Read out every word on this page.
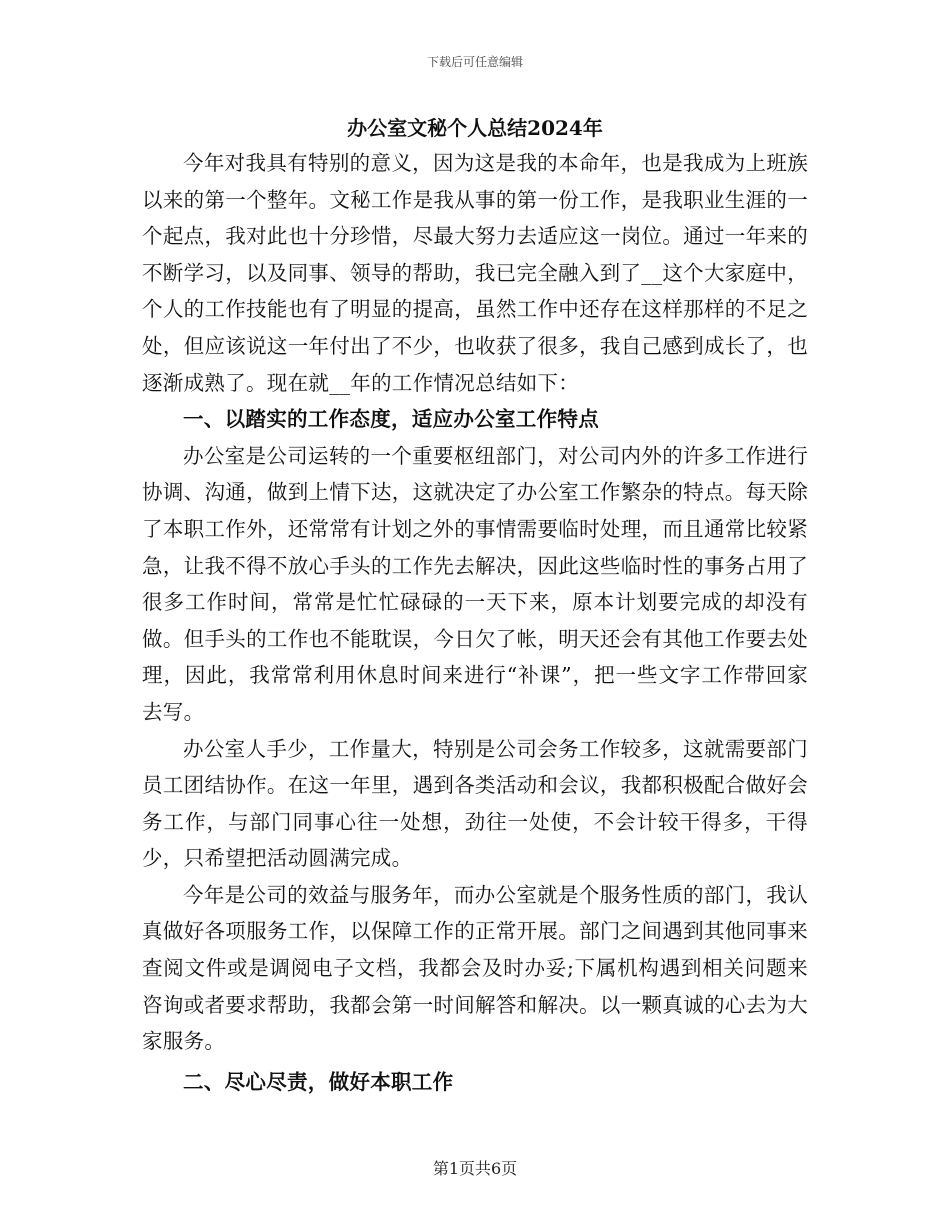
下载后可任意编辑
办公室文秘个人总结2024年

今年对我具有特别的意义，因为这是我的本命年，也是我成为上班族以来的第一个整年。文秘工作是我从事的第一份工作，是我职业生涯的一个起点，我对此也十分珍惜，尽最大努力去适应这一岗位。通过一年来的不断学习，以及同事、领导的帮助，我已完全融入到了__这个大家庭中，个人的工作技能也有了明显的提高，虽然工作中还存在这样那样的不足之处，但应该说这一年付出了不少，也收获了很多，我自己感到成长了，也逐渐成熟了。现在就__年的工作情况总结如下：

一、以踏实的工作态度，适应办公室工作特点

办公室是公司运转的一个重要枢纽部门，对公司内外的许多工作进行协调、沟通，做到上情下达，这就决定了办公室工作繁杂的特点。每天除了本职工作外，还常常有计划之外的事情需要临时处理，而且通常比较紧急，让我不得不放心手头的工作先去解决，因此这些临时性的事务占用了很多工作时间，常常是忙忙碌碌的一天下来，原本计划要完成的却没有做。但手头的工作也不能耽误，今日欠了帐，明天还会有其他工作要去处理，因此，我常常利用休息时间来进行“补课”，把一些文字工作带回家去写。

办公室人手少，工作量大，特别是公司会务工作较多，这就需要部门员工团结协作。在这一年里，遇到各类活动和会议，我都积极配合做好会务工作，与部门同事心往一处想，劲往一处使，不会计较干得多，干得少，只希望把活动圆满完成。

今年是公司的效益与服务年，而办公室就是个服务性质的部门，我认真做好各项服务工作，以保障工作的正常开展。部门之间遇到其他同事来查阅文件或是调阅电子文档，我都会及时办妥;下属机构遇到相关问题来咨询或者要求帮助，我都会第一时间解答和解决。以一颗真诚的心去为大家服务。

二、尽心尽责，做好本职工作

第1页共6页
